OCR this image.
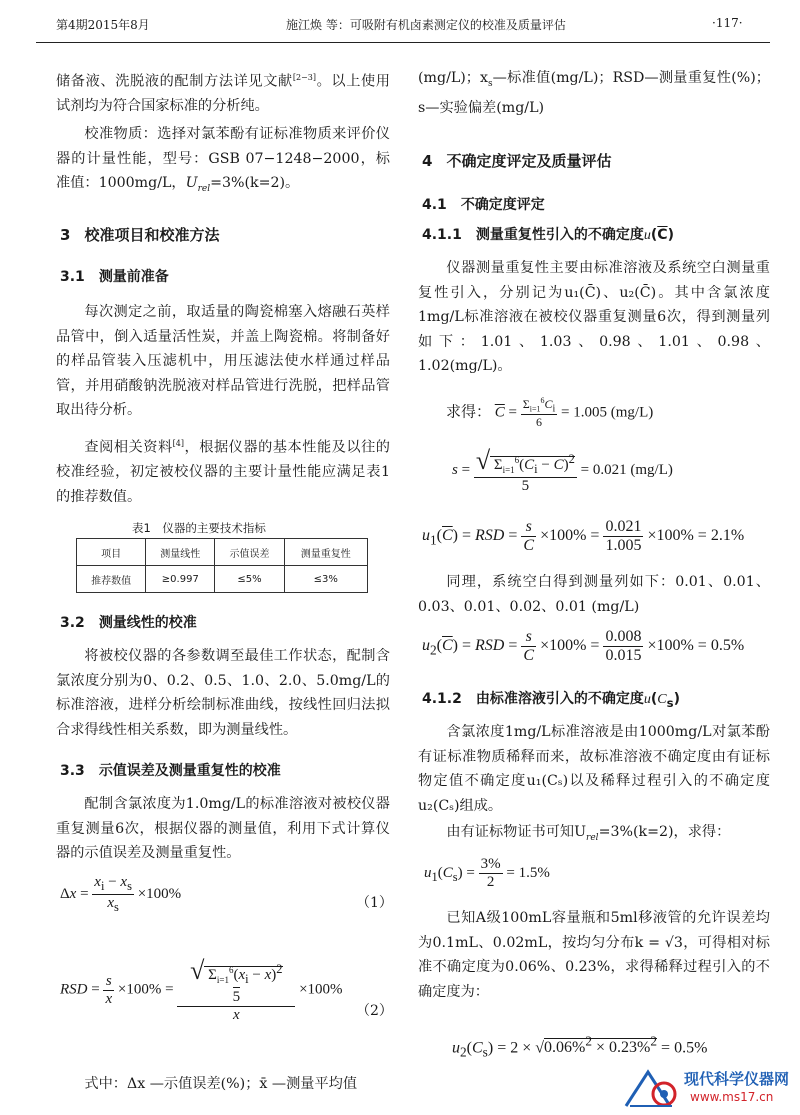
第4期2015年8月	施江焕 等：可吸附有机卤素测定仪的校准及质量评估	·117·
储备液、洗脱液的配制方法详见文献[2−3]。以上使用试剂均为符合国家标准的分析纯。
校准物质：选择对氯苯酚有证标准物质来评价仪器的计量性能，型号：GSB 07−1248−2000，标准值：1000mg/L，$U_{rel}=3\%(k=2)$。
3 校准项目和校准方法
3.1 测量前准备
每次测定之前，取适量的陶瓷棉塞入熔融石英样品管中，倒入适量活性炭，并盖上陶瓷棉。将制备好的样品管装入压滤机中，用压滤法使水样通过样品管，并用硝酸钠洗脱液对样品管进行洗脱，把样品管取出待分析。
查阅相关资料[4]，根据仪器的基本性能及以往的校准经验，初定被校仪器的主要计量性能应满足表1的推荐数值。
表1　仪器的主要技术指标
项目	测量线性	示值误差	测量重复性
推荐数值	≥0.997	≤5%	≤3%
3.2 测量线性的校准
将被校仪器的各参数调至最佳工作状态，配制含氯浓度分别为0、0.2、0.5、1.0、2.0、5.0mg/L的标准溶液，进样分析绘制标准曲线，按线性回归法拟合求得线性相关系数，即为测量线性。
3.3 示值误差及测量重复性的校准
配制含氯浓度为1.0mg/L的标准溶液对被校仪器重复测量6次，根据仪器的测量值，利用下式计算仪器的示值误差及测量重复性。
$\Delta x = \frac{x_i - x_s}{x_s} \times 100\%$
（1）
RSD = $\frac{s}{x} \times 100\%$ =
√ $\Sigma_{i=1}^6(x_i - \overline{x})^2$
5
$\overline{x}$
×100%
（2）
式中：Δx —示值误差(%)；x̄ —测量平均值
(mg/L)；$x_s—$标准值(mg/L)；RSD—测量重复性(%)；s—实验偏差(mg/L)
4 不确定度评定及质量评估
4.1 不确定度评定
4.1.1 测量重复性引入的不确定度$u(\overline{C})$
仪器测量重复性主要由标准溶液及系统空白测量重复性引入，分别记为u₁(C̄)、u₂(C̄)。其中含氯浓度1mg/L标准溶液在被校仪器重复测量6次，得到测量列如下：1.01、1.03、0.98、1.01、0.98、1.02(mg/L)。
求得： $\overline{C} = \frac{\Sigma_{i=1}^6C_i}{6} = 1.005$ (mg/L)
$s = \frac{√ \Sigma_{i=1}^6(C_i - \overline{C})^2}{5} = 0.021$ (mg/L)
$u_1(\overline{C})$ = RSD = $\frac{s}{C} \times 100\% = \frac{0.021}{1.005} \times 100\% = 2.1\%$
同理，系统空白得到测量列如下：0.01、0.01、0.03、0.01、0.02、0.01 (mg/L)
$u_2(\overline{C})$ = RSD = $\frac{s}{C} \times 100\% = \frac{0.008}{0.015} \times 100\% = 0.5\%$
4.1.2 由标准溶液引入的不确定度$u(C_s)$
含氯浓度1mg/L标准溶液是由1000mg/L对氯苯酚有证标准物质稀释而来，故标准溶液不确定度由有证标物定值不确定度u₁(Cₛ)以及稀释过程引入的不确定度u₂(Cₛ)组成。
由有证标物证书可知$U_{rel}=3\%(k=2)$，求得：
$u_1(C_s) = \frac{3\%}{2} = 1.5\%$
已知A级100mL容量瓶和5ml移液管的允许误差均为0.1mL、0.02mL，按均匀分布k = √3，可得相对标准不确定度为0.06%、0.23%，求得稀释过程引入的不确定度为：
$u_2(C_s) = 2 \times √0.06\%^2 \times 0.23\%^2 = 0.5\%$
现代科学仪器网
www.ms17.cn
